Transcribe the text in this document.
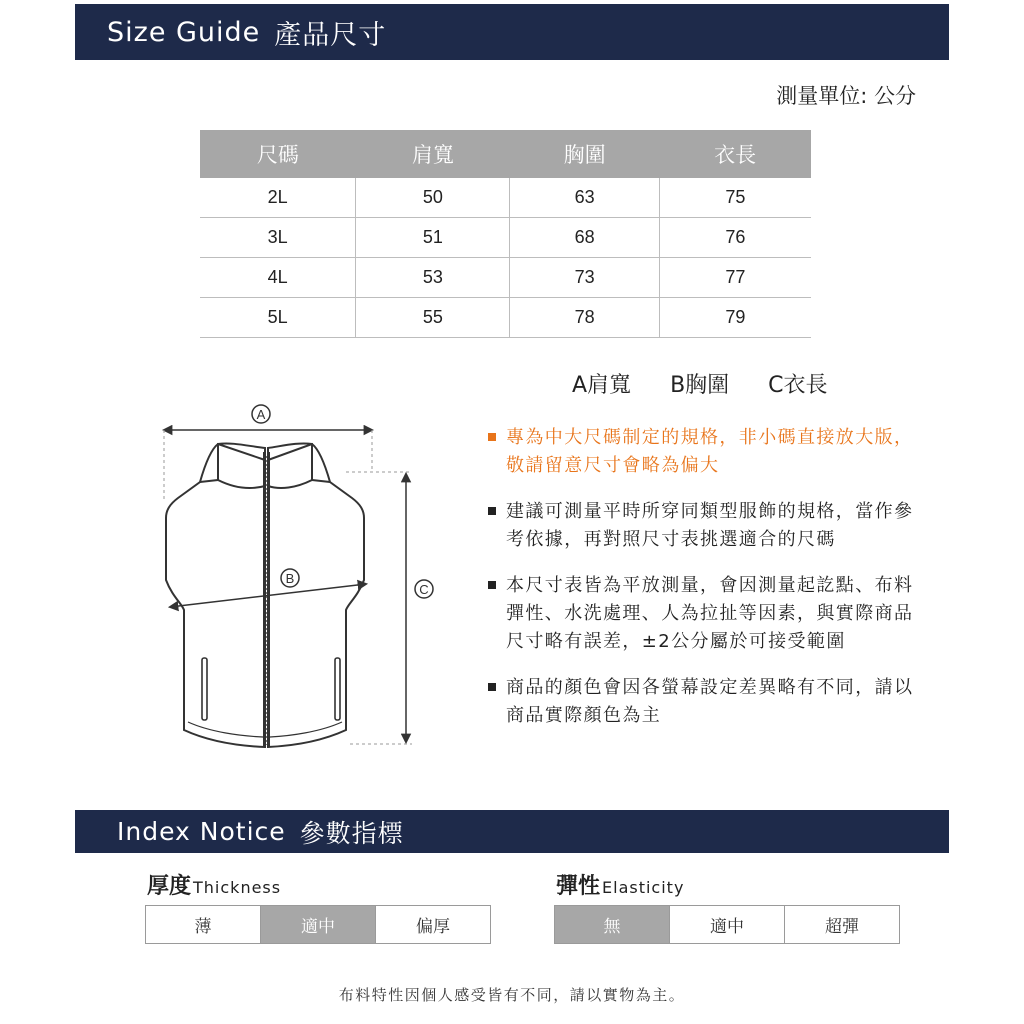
Size Guide 產品尺寸
測量單位: 公分
尺碼	肩寬	胸圍	衣長
2L	50	63	75
3L	51	68	76
4L	53	73	77
5L	55	78	79
A肩寬 B胸圍 C衣長
A
B
C
專為中大尺碼制定的規格，非小碼直接放大版，敬請留意尺寸會略為偏大
建議可測量平時所穿同類型服飾的規格，當作參考依據，再對照尺寸表挑選適合的尺碼
本尺寸表皆為平放測量，會因測量起訖點、布料彈性、水洗處理、人為拉扯等因素，與實際商品尺寸略有誤差，±2公分屬於可接受範圍
商品的顏色會因各螢幕設定差異略有不同，請以商品實際顏色為主
Index Notice 參數指標
厚度 Thickness
薄	適中	偏厚
彈性 Elasticity
無	適中	超彈
布料特性因個人感受皆有不同，請以實物為主。
